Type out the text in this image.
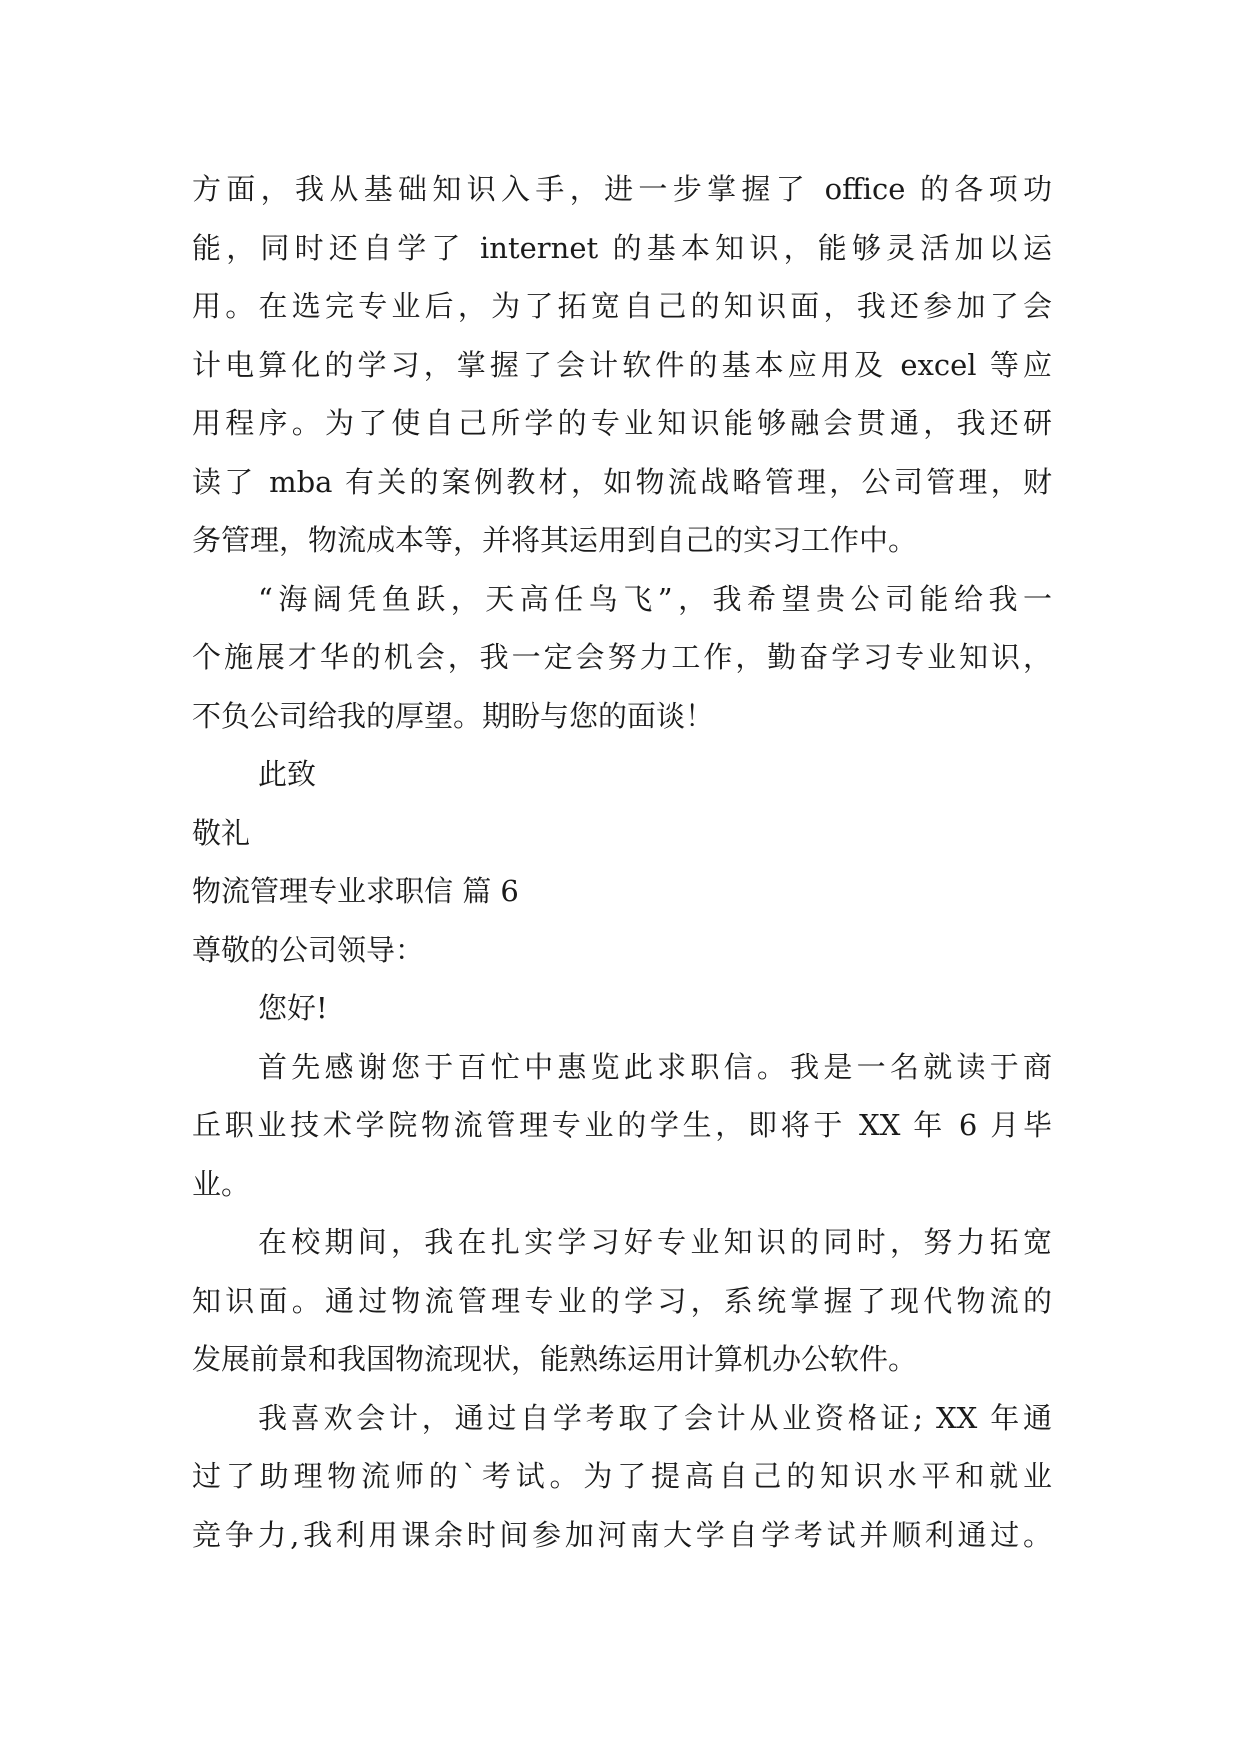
方面，我从基础知识入手，进一步掌握了 office 的各项功
能，同时还自学了 internet 的基本知识，能够灵活加以运
用。在选完专业后，为了拓宽自己的知识面，我还参加了会
计电算化的学习，掌握了会计软件的基本应用及 excel 等应
用程序。为了使自己所学的专业知识能够融会贯通，我还研
读了 mba 有关的案例教材，如物流战略管理，公司管理，财
务管理，物流成本等，并将其运用到自己的实习工作中。
“海阔凭鱼跃，天高任鸟飞”，我希望贵公司能给我一
个施展才华的机会，我一定会努力工作，勤奋学习专业知识，
不负公司给我的厚望。期盼与您的面谈！
此致
敬礼
物流管理专业求职信 篇 6
尊敬的公司领导：
您好!
首先感谢您于百忙中惠览此求职信。我是一名就读于商
丘职业技术学院物流管理专业的学生，即将于 XX 年 6 月毕
业。
在校期间，我在扎实学习好专业知识的同时，努力拓宽
知识面。通过物流管理专业的学习，系统掌握了现代物流的
发展前景和我国物流现状，能熟练运用计算机办公软件。
我喜欢会计，通过自学考取了会计从业资格证; XX 年通
过了助理物流师的`考试。为了提高自己的知识水平和就业
竞争力,我利用课余时间参加河南大学自学考试并顺利通过。
